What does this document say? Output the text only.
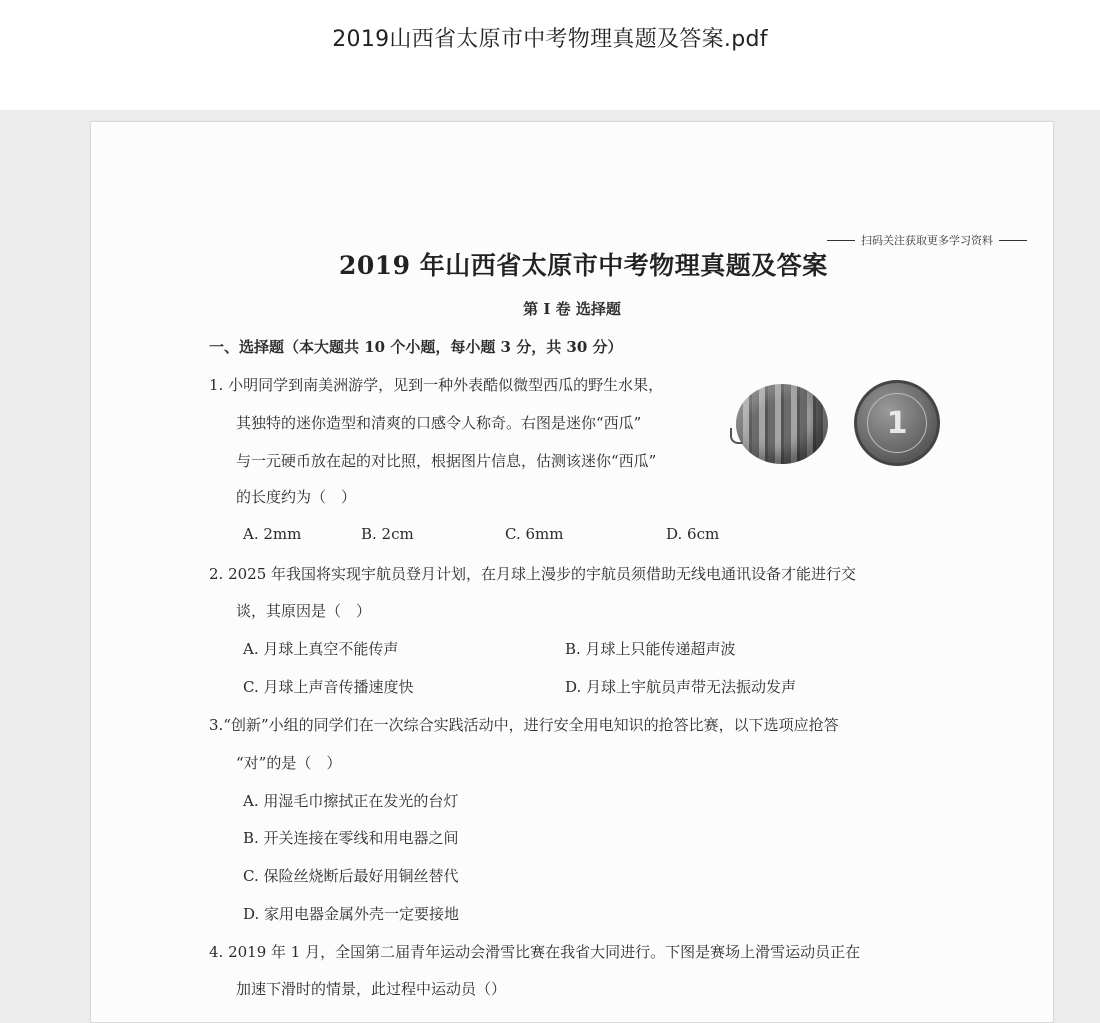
2019山西省太原市中考物理真题及答案.pdf
扫码关注获取更多学习资料
2019 年山西省太原市中考物理真题及答案
第 I 卷 选择题
一、选择题（本大题共 10 个小题，每小题 3 分，共 30 分）
1. 小明同学到南美洲游学，见到一种外表酷似微型西瓜的野生水果，
其独特的迷你造型和清爽的口感令人称奇。右图是迷你“西瓜”
与一元硬币放在起的对比照，根据图片信息，估测该迷你“西瓜”
的长度约为（　）
1
A. 2mm	B. 2cm	C. 6mm	D. 6cm
2. 2025 年我国将实现宇航员登月计划，在月球上漫步的宇航员须借助无线电通讯设备才能进行交
谈，其原因是（　）
A. 月球上真空不能传声	B. 月球上只能传递超声波
C. 月球上声音传播速度快	D. 月球上宇航员声带无法振动发声
3.“创新”小组的同学们在一次综合实践活动中，进行安全用电知识的抢答比赛，以下选项应抢答
“对”的是（　）
A. 用湿毛巾擦拭正在发光的台灯
B. 开关连接在零线和用电器之间
C. 保险丝烧断后最好用铜丝替代
D. 家用电器金属外壳一定要接地
4. 2019 年 1 月，全国第二届青年运动会滑雪比赛在我省大同进行。下图是赛场上滑雪运动员正在
加速下滑时的情景，此过程中运动员（）
